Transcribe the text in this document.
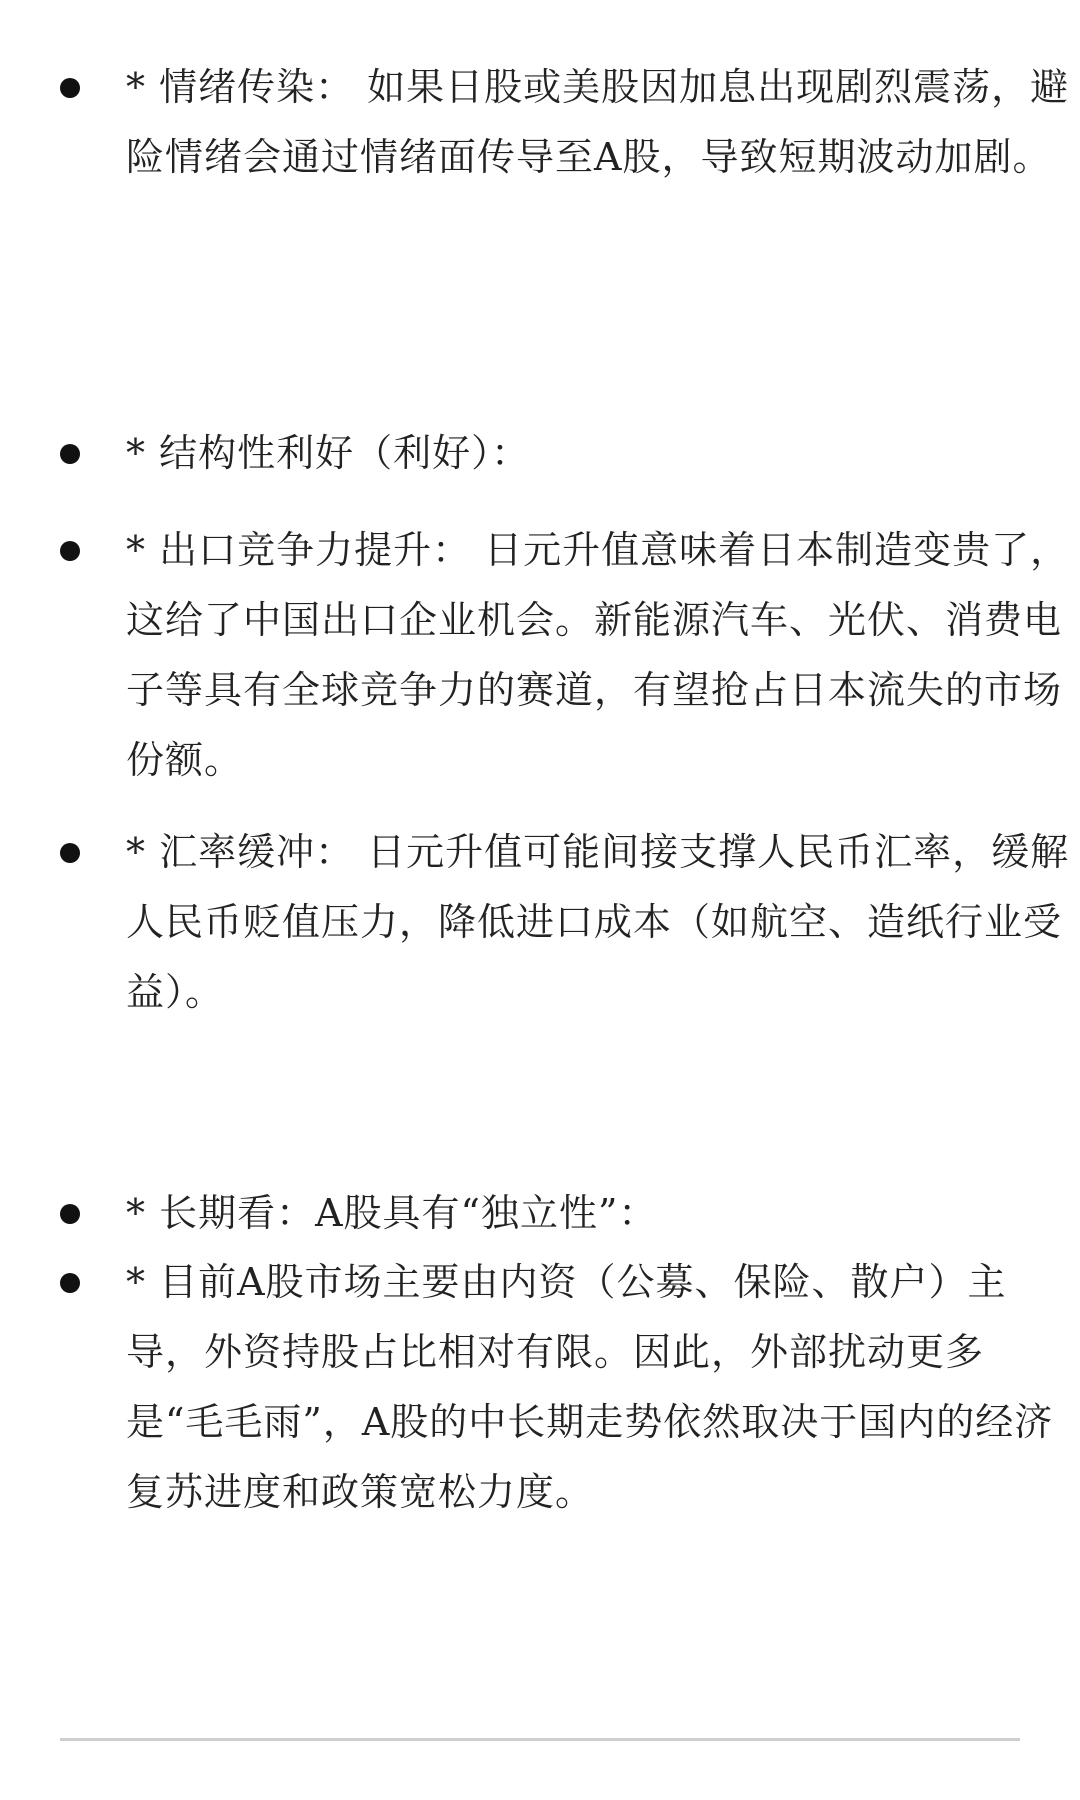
* 情绪传染： 如果日股或美股因加息出现剧烈震荡，避险情绪会通过情绪面传导至A股，导致短期波动加剧。

* 结构性利好（利好）：

* 出口竞争力提升： 日元升值意味着日本制造变贵了，这给了中国出口企业机会。新能源汽车、光伏、消费电子等具有全球竞争力的赛道，有望抢占日本流失的市场份额。

* 汇率缓冲： 日元升值可能间接支撑人民币汇率，缓解人民币贬值压力，降低进口成本（如航空、造纸行业受益）。

* 长期看：A股具有“独立性”：

* 目前A股市场主要由内资（公募、保险、散户）主导，外资持股占比相对有限。因此，外部扰动更多是“毛毛雨”，A股的中长期走势依然取决于国内的经济复苏进度和政策宽松力度。
